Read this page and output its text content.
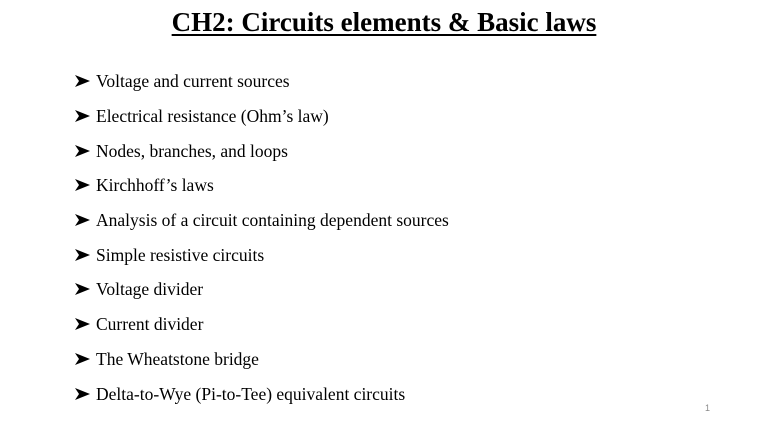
CH2: Circuits elements & Basic laws
Voltage and current sources
Electrical resistance (Ohm’s law)
Nodes, branches, and loops
Kirchhoff’s laws
Analysis of a circuit containing dependent sources
Simple resistive circuits
Voltage divider
Current divider
The Wheatstone bridge
Delta-to-Wye (Pi-to-Tee) equivalent circuits
1
